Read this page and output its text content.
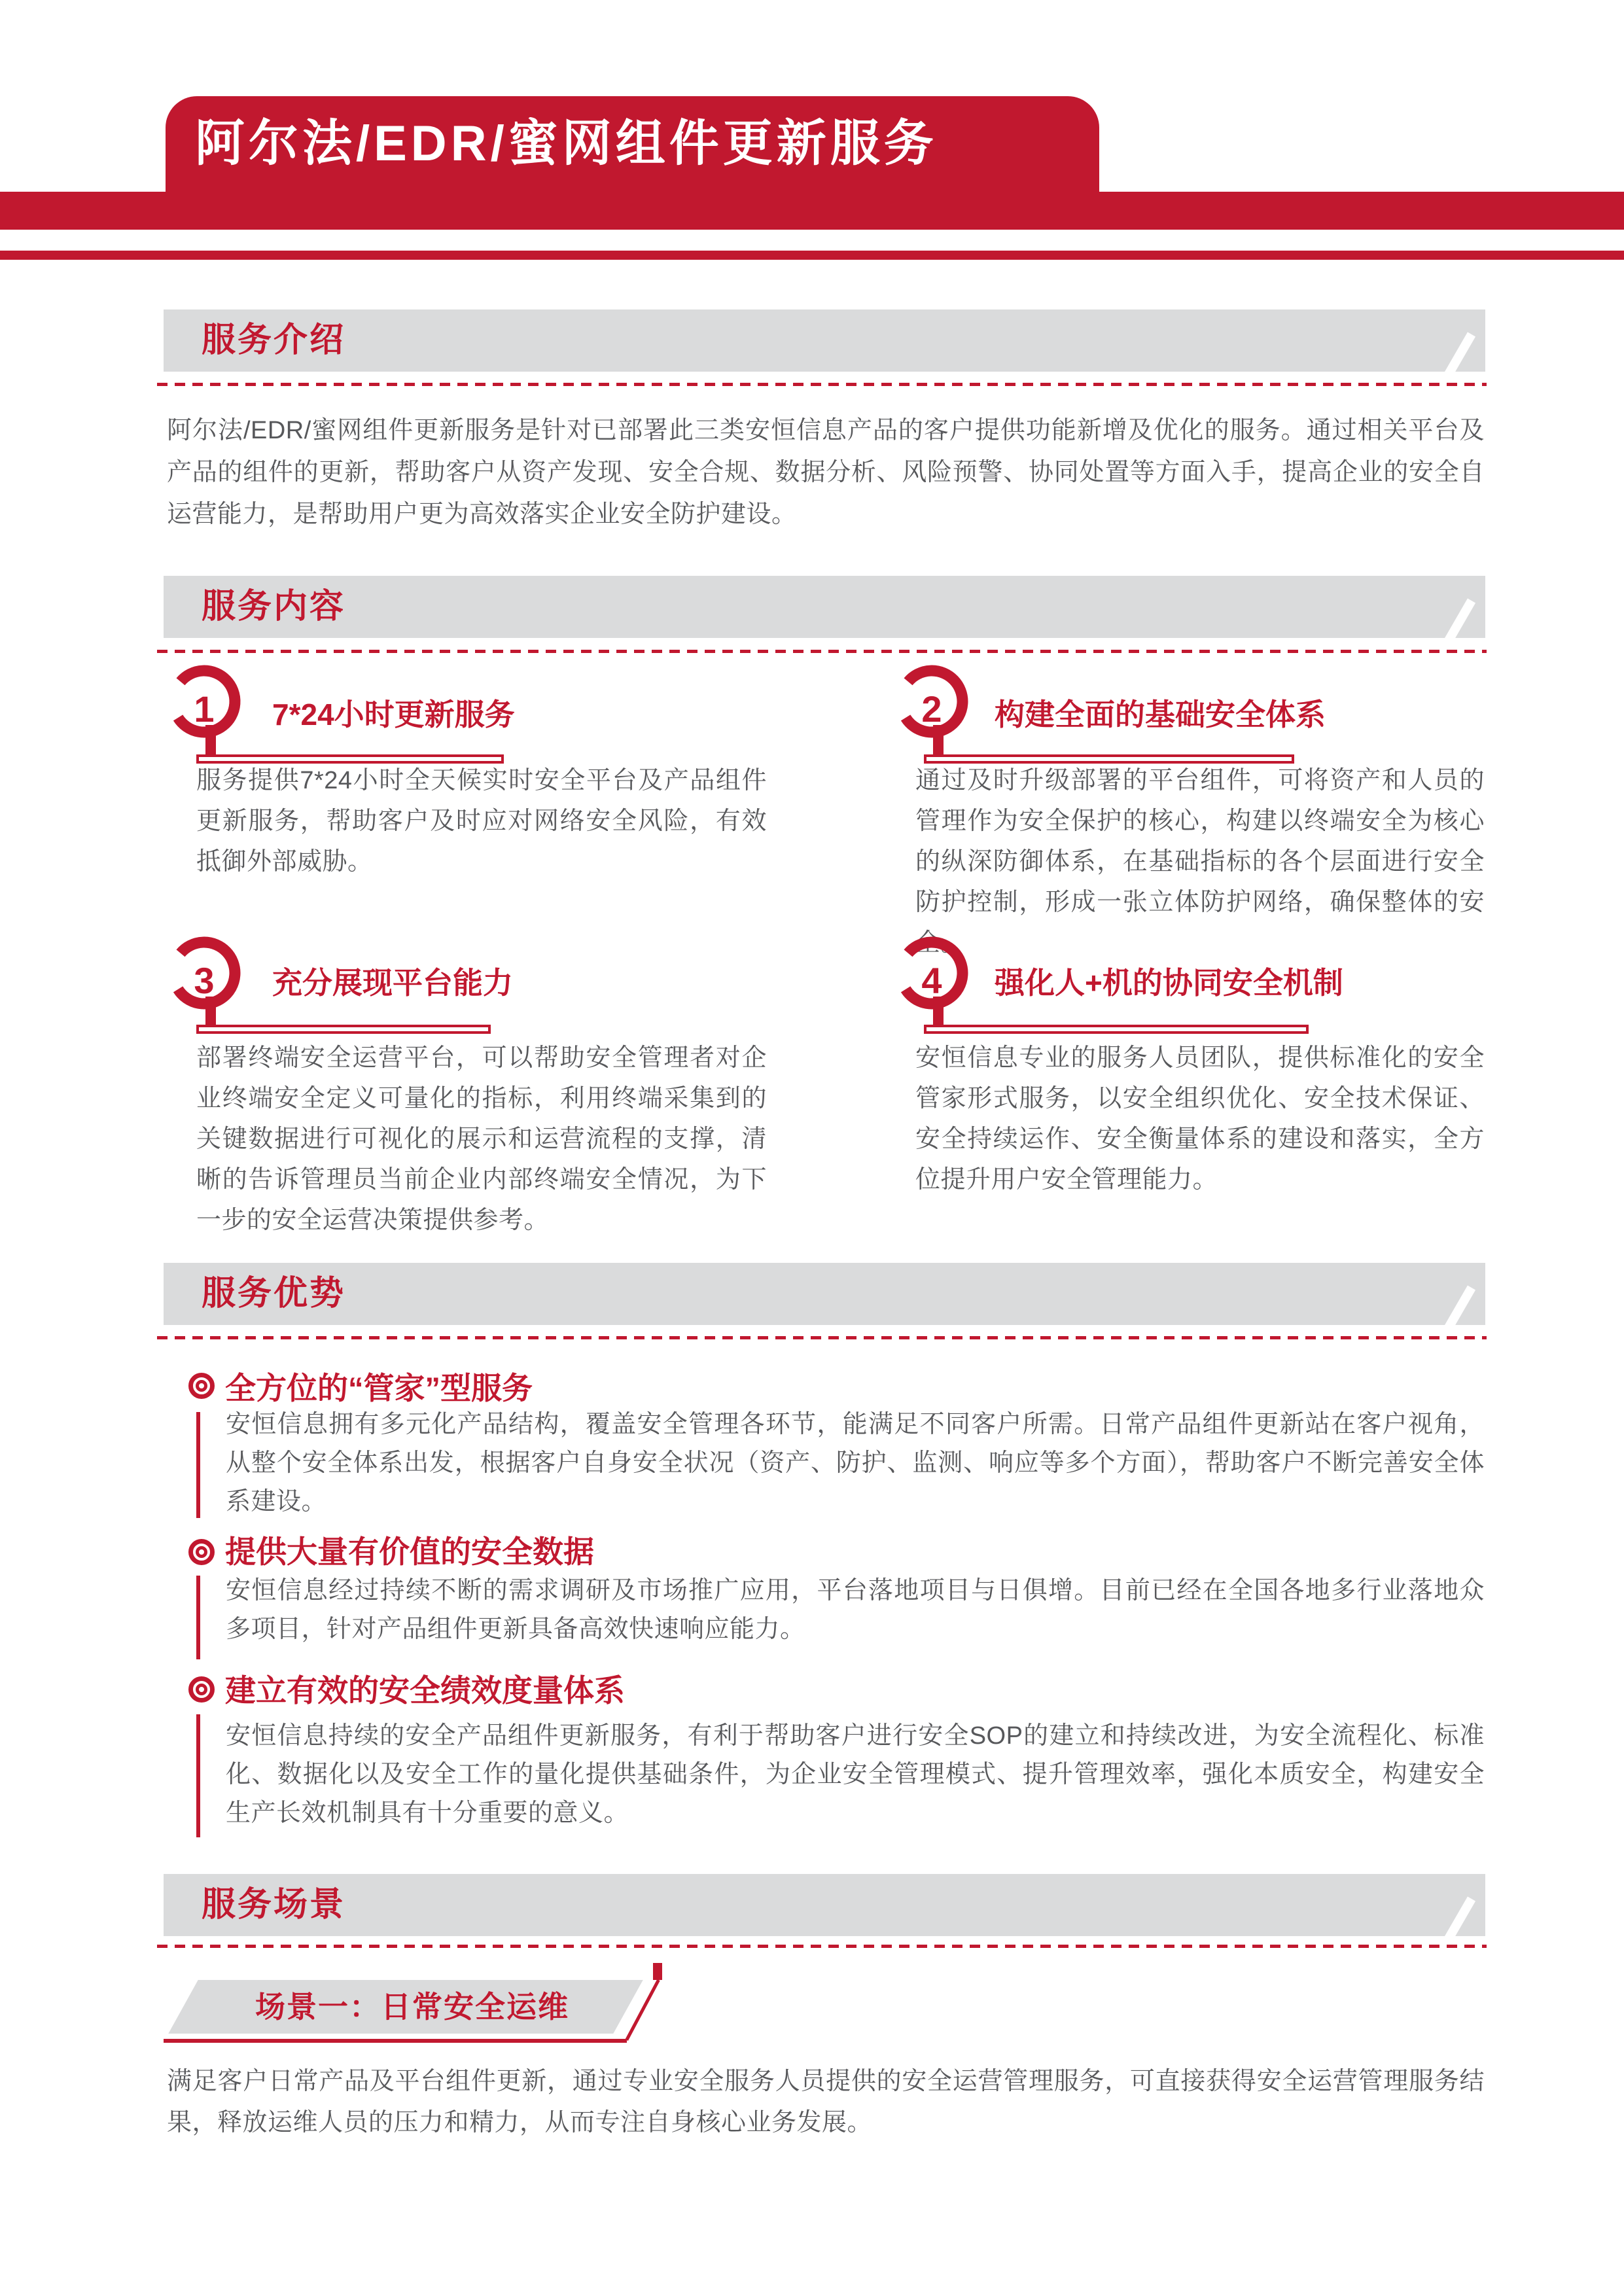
阿尔法/EDR/蜜网组件更新服务
服务介绍
阿尔法/EDR/蜜网组件更新服务是针对已部署此三类安恒信息产品的客户提供功能新增及优化的服务。通过相关平台及产品的组件的更新，帮助客户从资产发现、安全合规、数据分析、风险预警、协同处置等方面入手，提高企业的安全自运营能力，是帮助用户更为高效落实企业安全防护建设。
服务内容
1	7*24小时更新服务
服务提供7*24小时全天候实时安全平台及产品组件更新服务，帮助客户及时应对网络安全风险，有效抵御外部威胁。
2	构建全面的基础安全体系
通过及时升级部署的平台组件，可将资产和人员的管理作为安全保护的核心，构建以终端安全为核心的纵深防御体系，在基础指标的各个层面进行安全防护控制，形成一张立体防护网络，确保整体的安全。
3	充分展现平台能力
部署终端安全运营平台，可以帮助安全管理者对企业终端安全定义可量化的指标，利用终端采集到的关键数据进行可视化的展示和运营流程的支撑，清晰的告诉管理员当前企业内部终端安全情况，为下一步的安全运营决策提供参考。
4	强化人+机的协同安全机制
安恒信息专业的服务人员团队，提供标准化的安全管家形式服务，以安全组织优化、安全技术保证、安全持续运作、安全衡量体系的建设和落实，全方位提升用户安全管理能力。
服务优势
全方位的“管家”型服务
安恒信息拥有多元化产品结构，覆盖安全管理各环节，能满足不同客户所需。日常产品组件更新站在客户视角，从整个安全体系出发，根据客户自身安全状况（资产、防护、监测、响应等多个方面），帮助客户不断完善安全体系建设。
提供大量有价值的安全数据
安恒信息经过持续不断的需求调研及市场推广应用，平台落地项目与日俱增。目前已经在全国各地多行业落地众多项目，针对产品组件更新具备高效快速响应能力。
建立有效的安全绩效度量体系
安恒信息持续的安全产品组件更新服务，有利于帮助客户进行安全SOP的建立和持续改进，为安全流程化、标准化、数据化以及安全工作的量化提供基础条件，为企业安全管理模式、提升管理效率，强化本质安全，构建安全生产长效机制具有十分重要的意义。
服务场景
场景一：日常安全运维
满足客户日常产品及平台组件更新，通过专业安全服务人员提供的安全运营管理服务，可直接获得安全运营管理服务结果，释放运维人员的压力和精力，从而专注自身核心业务发展。
